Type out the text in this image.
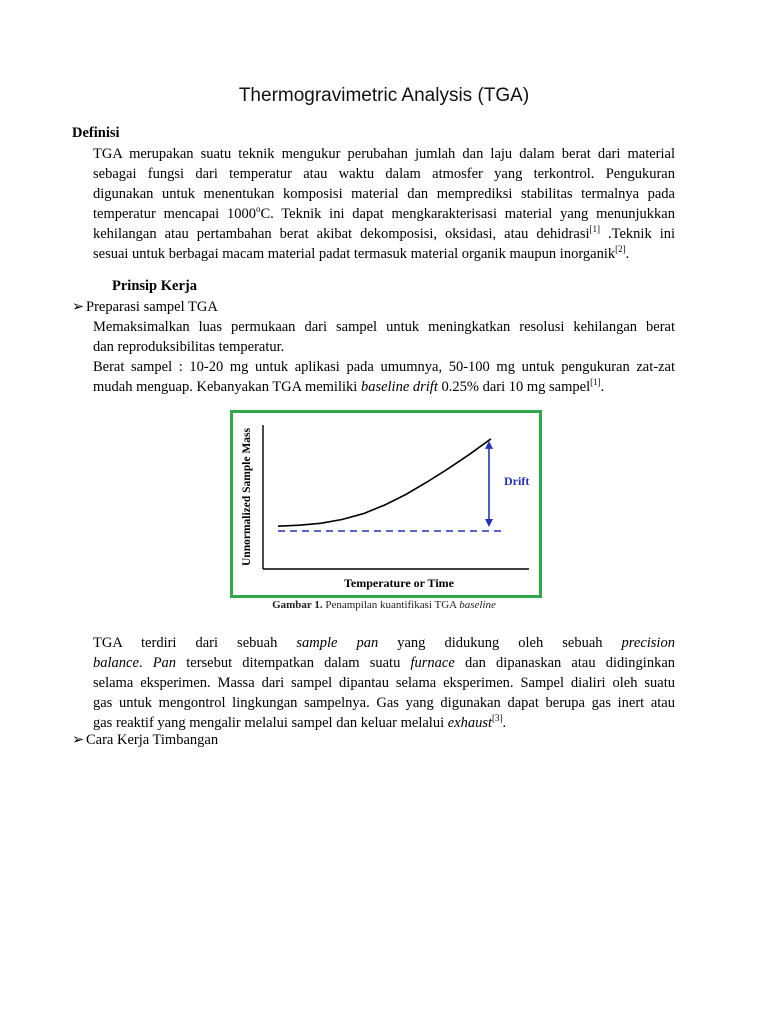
Thermogravimetric Analysis (TGA)
Definisi
TGA merupakan suatu teknik mengukur perubahan jumlah dan laju dalam berat dari material
sebagai fungsi dari temperatur atau waktu dalam atmosfer yang terkontrol. Pengukuran
digunakan untuk menentukan komposisi material dan memprediksi stabilitas termalnya pada
temperatur mencapai 1000$^o$C. Teknik ini dapat mengkarakterisasi material yang menunjukkan
kehilangan atau pertambahan berat akibat dekomposisi, oksidasi, atau dehidrasi[1] .Teknik ini
sesuai untuk berbagai macam material padat termasuk material organik maupun inorganik[2].
Prinsip Kerja
➢ Preparasi sampel TGA
Memaksimalkan luas permukaan dari sampel untuk meningkatkan resolusi kehilangan berat
dan reproduksibilitas temperatur.
Berat sampel : 10-20 mg untuk aplikasi pada umumnya, 50-100 mg untuk pengukuran zat-zat
mudah menguap. Kebanyakan TGA memiliki baseline drift 0.25% dari 10 mg sampel[1].
Drift
Temperature or Time
Unnormalized Sample Mass
Gambar 1. Penampilan kuantifikasi TGA baseline
TGA terdiri dari sebuah sample pan yang didukung oleh sebuah precision
balance. Pan tersebut ditempatkan dalam suatu furnace dan dipanaskan atau didinginkan
selama eksperimen. Massa dari sampel dipantau selama eksperimen. Sampel dialiri oleh suatu
gas untuk mengontrol lingkungan sampelnya. Gas yang digunakan dapat berupa gas inert atau
gas reaktif yang mengalir melalui sampel dan keluar melalui exhaust[3].
➢ Cara Kerja Timbangan
